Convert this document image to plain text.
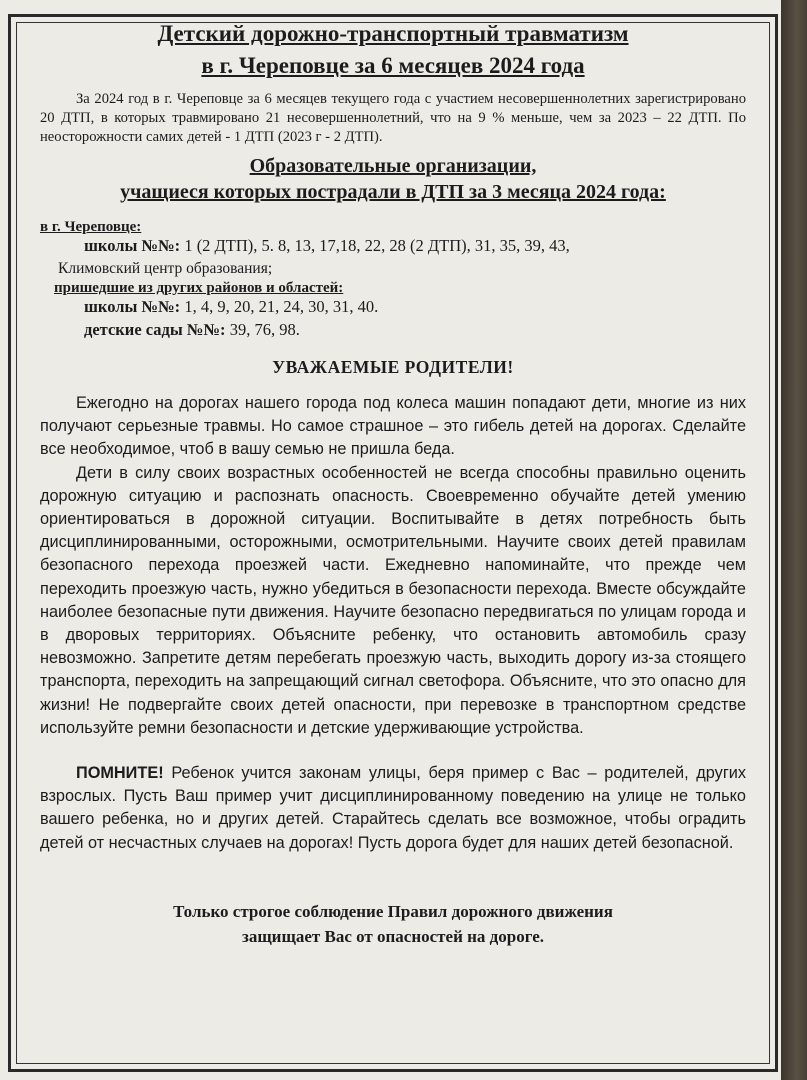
Детский дорожно-транспортный травматизм

в г. Череповце за 6 месяцев 2024 года

За 2024 год в г. Череповце за 6 месяцев текущего года с участием несовершеннолетних зарегистрировано 20 ДТП, в которых травмировано 21 несовершеннолетний, что на 9 % меньше, чем за 2023 – 22 ДТП. По неосторожности самих детей - 1 ДТП (2023 г - 2 ДТП).

Образовательные организации,

учащиеся которых пострадали в ДТП за 3 месяца 2024 года:

в г. Череповце:

школы №№: 1 (2 ДТП), 5. 8, 13, 17,18, 22, 28 (2 ДТП), 31, 35, 39, 43,

Климовский центр образования;

пришедшие из других районов и областей:

школы №№: 1, 4, 9, 20, 21, 24, 30, 31, 40.

детские сады №№: 39, 76, 98.

УВАЖАЕМЫЕ РОДИТЕЛИ!

Ежегодно на дорогах нашего города под колеса машин попадают дети, многие из них получают серьезные травмы. Но самое страшное – это гибель детей на дорогах. Сделайте все необходимое, чтоб в вашу семью не пришла беда.

Дети в силу своих возрастных особенностей не всегда способны правильно оценить дорожную ситуацию и распознать опасность. Своевременно обучайте детей умению ориентироваться в дорожной ситуации. Воспитывайте в детях потребность быть дисциплинированными, осторожными, осмотрительными. Научите своих детей правилам безопасного перехода проезжей части. Ежедневно напоминайте, что прежде чем переходить проезжую часть, нужно убедиться в безопасности перехода. Вместе обсуждайте наиболее безопасные пути движения. Научите безопасно передвигаться по улицам города и в дворовых территориях. Объясните ребенку, что остановить автомобиль сразу невозможно. Запретите детям перебегать проезжую часть, выходить дорогу из-за стоящего транспорта, переходить на запрещающий сигнал светофора. Объясните, что это опасно для жизни! Не подвергайте своих детей опасности, при перевозке в транспортном средстве используйте ремни безопасности и детские удерживающие устройства.

ПОМНИТЕ! Ребенок учится законам улицы, беря пример с Вас – родителей, других взрослых. Пусть Ваш пример учит дисциплинированному поведению на улице не только вашего ребенка, но и других детей. Старайтесь сделать все возможное, чтобы оградить детей от несчастных случаев на дорогах! Пусть дорога будет для наших детей безопасной.

Только строгое соблюдение Правил дорожного движения
защищает Вас от опасностей на дороге.
